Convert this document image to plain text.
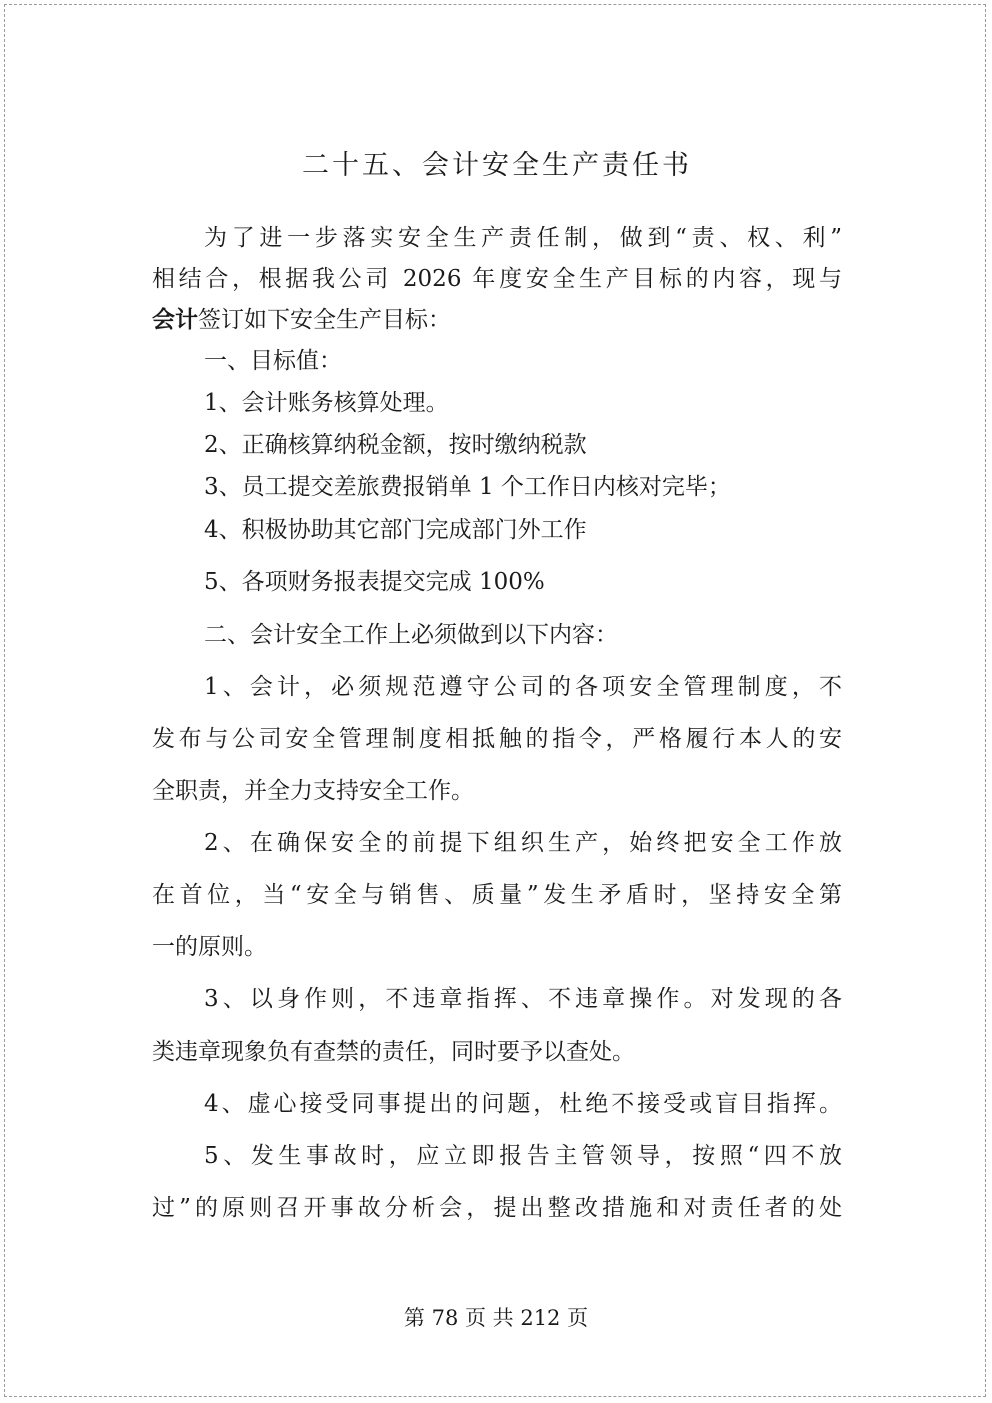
二十五、会计安全生产责任书
为了进一步落实安全生产责任制，做到“责、权、利”
相结合，根据我公司 2026 年度安全生产目标的内容，现与
会计签订如下安全生产目标：
一、目标值：
1、会计账务核算处理。
2、正确核算纳税金额，按时缴纳税款
3、员工提交差旅费报销单 1 个工作日内核对完毕；
4、积极协助其它部门完成部门外工作
5、各项财务报表提交完成 100%
二、会计安全工作上必须做到以下内容：
1、会计，必须规范遵守公司的各项安全管理制度，不
发布与公司安全管理制度相抵触的指令，严格履行本人的安
全职责，并全力支持安全工作。
2、在确保安全的前提下组织生产，始终把安全工作放
在首位，当“安全与销售、质量”发生矛盾时，坚持安全第
一的原则。
3、以身作则，不违章指挥、不违章操作。对发现的各
类违章现象负有查禁的责任，同时要予以查处。
4、虚心接受同事提出的问题，杜绝不接受或盲目指挥。
5、发生事故时，应立即报告主管领导，按照“四不放
过”的原则召开事故分析会，提出整改措施和对责任者的处
第 78 页 共 212 页
